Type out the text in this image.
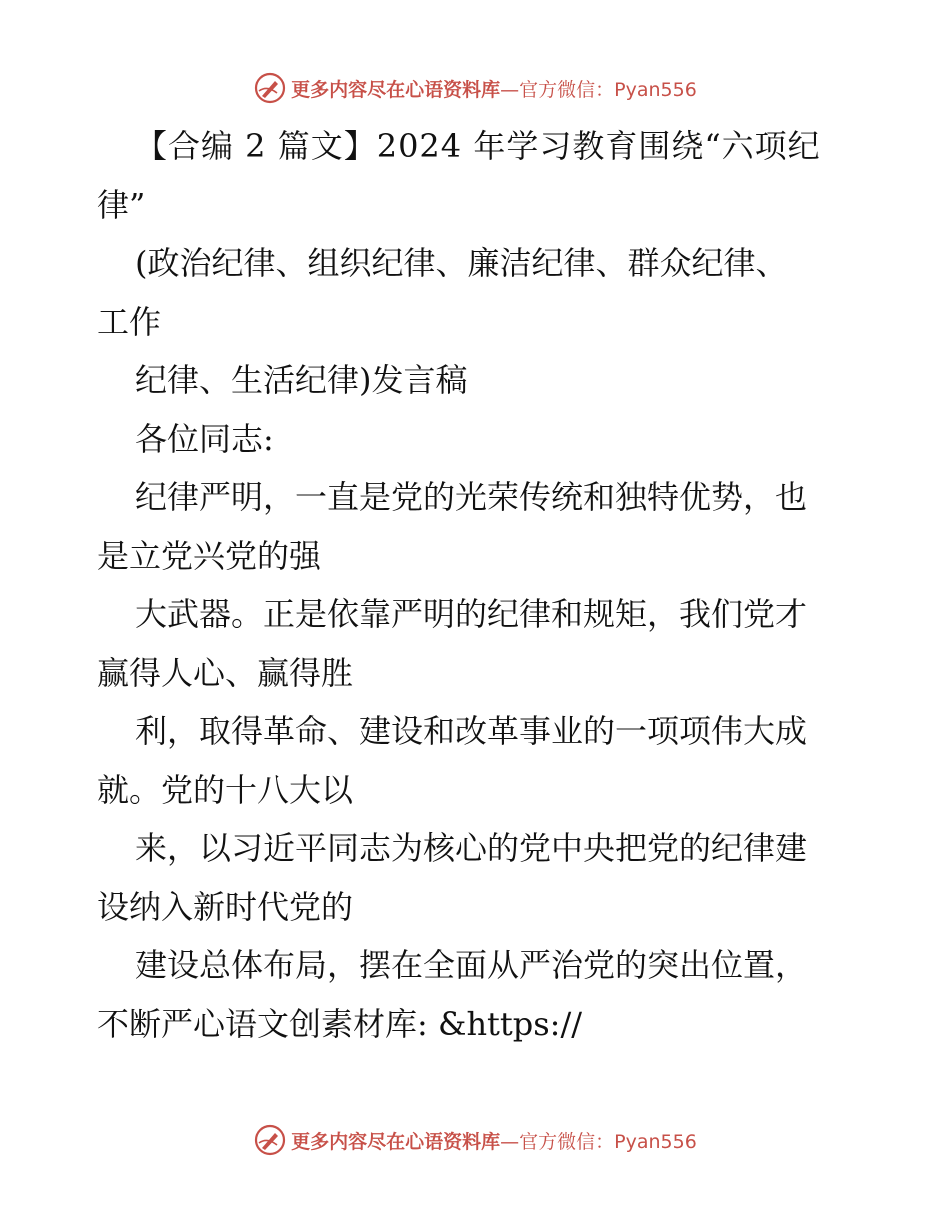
更多内容尽在心语资料库 —官方微信：Pyan556
【合编 2 篇文】2024 年学习教育围绕“六项纪
律”
(政治纪律、组织纪律、廉洁纪律、群众纪律、
工作
纪律、生活纪律)发言稿
各位同志:
纪律严明，一直是党的光荣传统和独特优势，也
是立党兴党的强
大武器。正是依靠严明的纪律和规矩，我们党才
赢得人心、赢得胜
利，取得革命、建设和改革事业的一项项伟大成
就。党的十八大以
来，以习近平同志为核心的党中央把党的纪律建
设纳入新时代党的
建设总体布局，摆在全面从严治党的突出位置，
不断严心语文创素材库: &https://
更多内容尽在心语资料库 —官方微信：Pyan556
